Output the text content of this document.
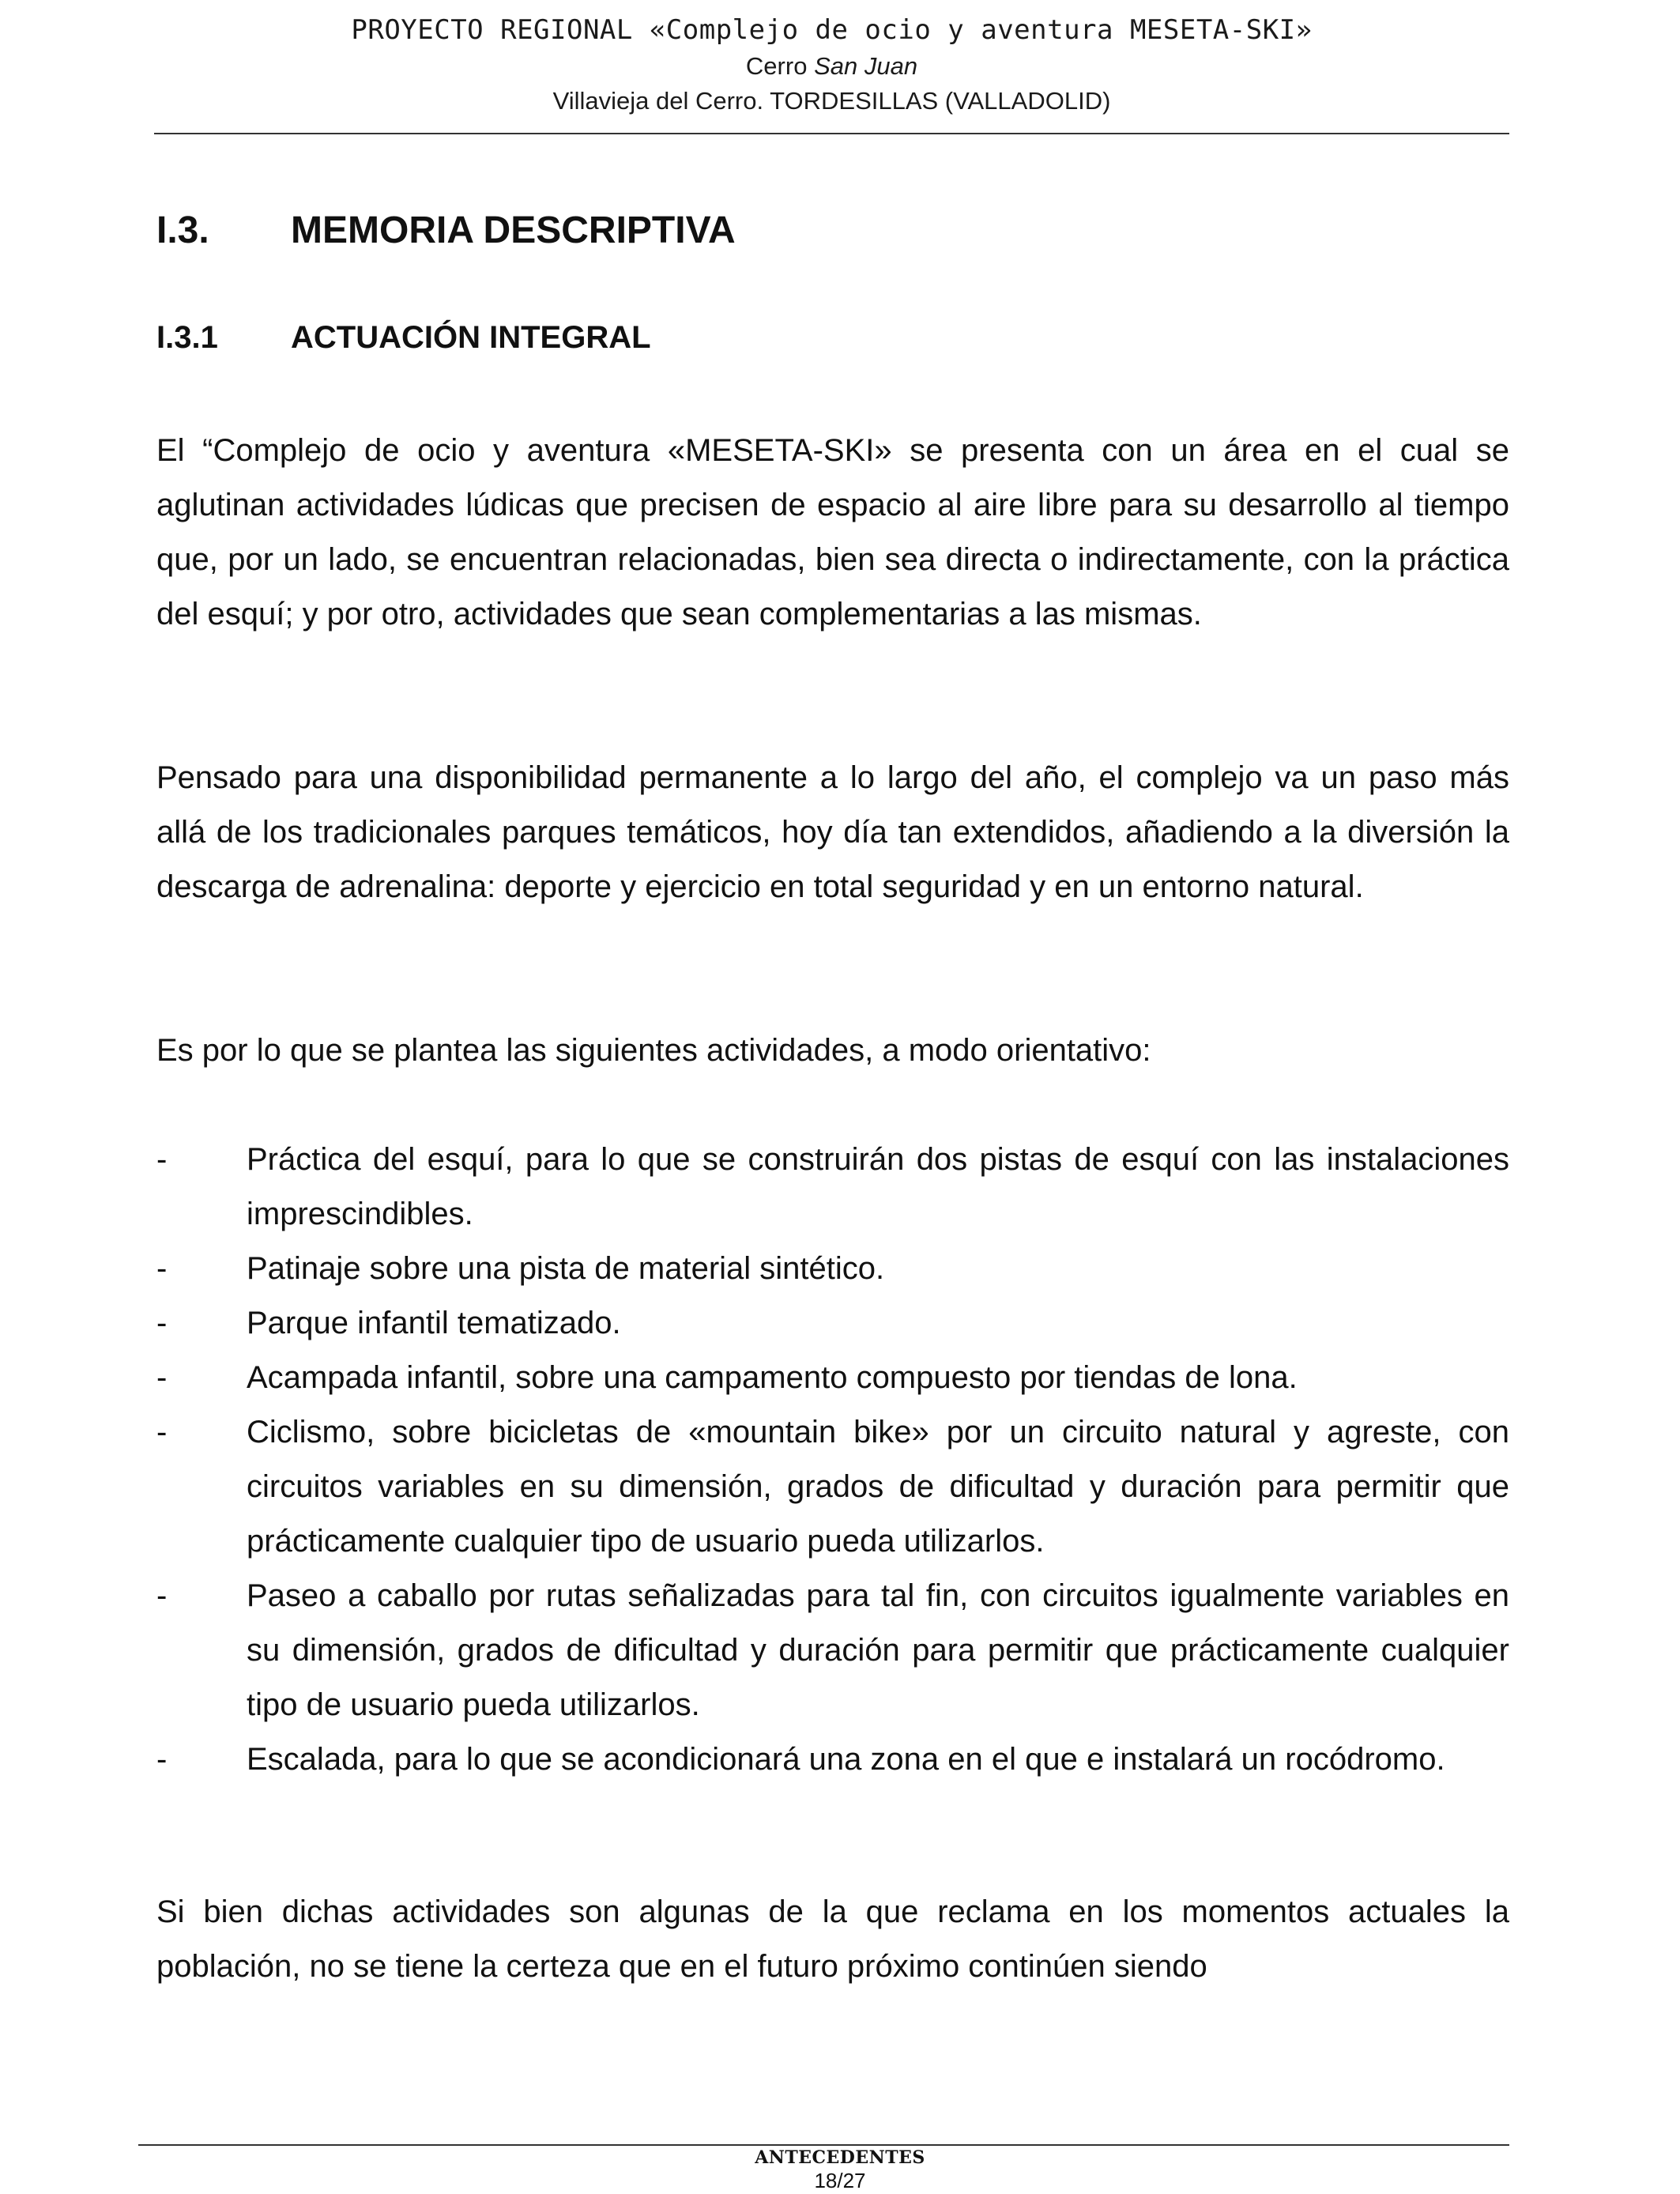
PROYECTO REGIONAL «Complejo de ocio y aventura MESETA-SKI»
Cerro San Juan
Villavieja del Cerro. TORDESILLAS (VALLADOLID)
I.3. MEMORIA DESCRIPTIVA
I.3.1 ACTUACIÓN INTEGRAL

El “Complejo de ocio y aventura «MESETA-SKI» se presenta con un área en el cual se aglutinan actividades lúdicas que precisen de espacio al aire libre para su desarrollo al tiempo que, por un lado, se encuentran relacionadas, bien sea directa o indirectamente, con la práctica del esquí; y por otro, actividades que sean complementarias a las mismas.

Pensado para una disponibilidad permanente a lo largo del año, el complejo va un paso más allá de los tradicionales parques temáticos, hoy día tan extendidos, añadiendo a la diversión la descarga de adrenalina: deporte y ejercicio en total seguridad y en un entorno natural.

Es por lo que se plantea las siguientes actividades, a modo orientativo:

-	Práctica del esquí, para lo que se construirán dos pistas de esquí con las instalaciones imprescindibles.
-	Patinaje sobre una pista de material sintético.
-	Parque infantil tematizado.
-	Acampada infantil, sobre una campamento compuesto por tiendas de lona.
-	Ciclismo, sobre bicicletas de «mountain bike» por un circuito natural y agreste, con circuitos variables en su dimensión, grados de dificultad y duración para permitir que prácticamente cualquier tipo de usuario pueda utilizarlos.
-	Paseo a caballo por rutas señalizadas para tal fin, con circuitos igualmente variables en su dimensión, grados de dificultad y duración para permitir que prácticamente cualquier tipo de usuario pueda utilizarlos.
-	Escalada, para lo que se acondicionará una zona en el que e instalará un rocódromo.

Si bien dichas actividades son algunas de la que reclama en los momentos actuales la población, no se tiene la certeza que en el futuro próximo continúen siendo

ANTECEDENTES
18/27
